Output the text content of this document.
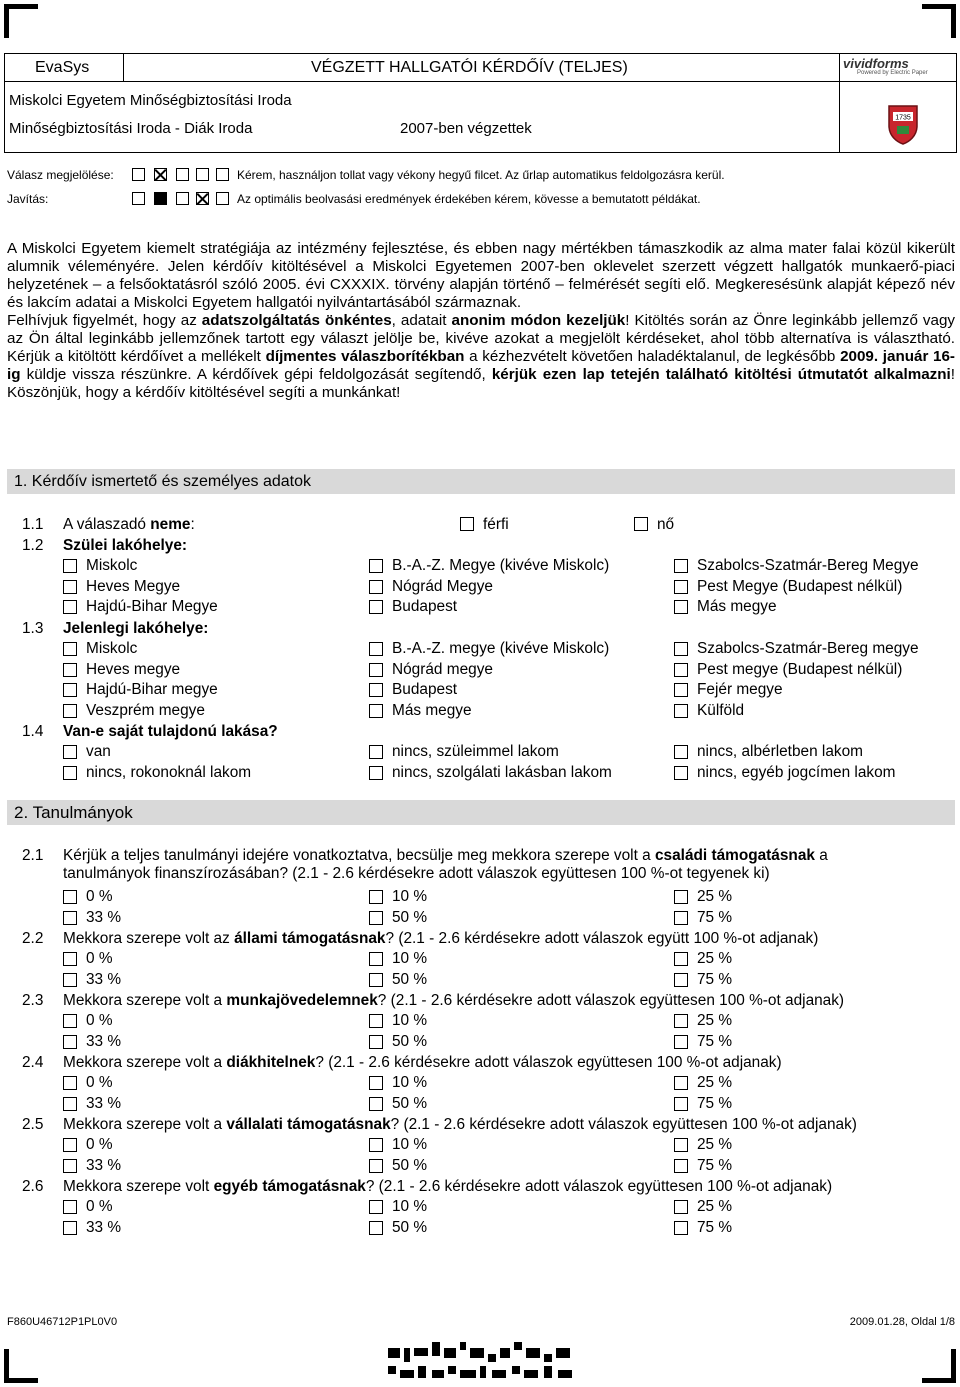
EvaSys	VÉGZETT HALLGATÓI KÉRDŐÍV (TELJES)	vividforms
Powered by Electric Paper
Miskolci Egyetem Minőségbiztosítási Iroda
Minőségbiztosítási Iroda - Diák Iroda	2007-ben végzettek
1735
Válasz megjelölése:	Kérem, használjon tollat vagy vékony hegyű filcet. Az űrlap automatikus feldolgozásra kerül.
Javítás:	Az optimális beolvasási eredmények érdekében kérem, kövesse a bemutatott példákat.
A Miskolci Egyetem kiemelt stratégiája az intézmény fejlesztése, és ebben nagy mértékben támaszkodik az alma mater falai közül kikerült alumnik véleményére. Jelen kérdőív kitöltésével a Miskolci Egyetemen 2007-ben oklevelet szerzett végzett hallgatók munkaerő-piaci helyzetének – a felsőoktatásról szóló 2005. évi CXXXIX. törvény alapján történő – felmérését segíti elő. Megkeresésünk alapját képező név és lakcím adatai a Miskolci Egyetem hallgatói nyilvántartásából származnak.
Felhívjuk figyelmét, hogy az adatszolgáltatás önkéntes, adatait anonim módon kezeljük! Kitöltés során az Önre leginkább jellemző vagy az Ön által leginkább jellemzőnek tartott egy választ jelölje be, kivéve azokat a megjelölt kérdéseket, ahol több alternatíva is választható. Kérjük a kitöltött kérdőívet a mellékelt díjmentes válaszborítékban a kézhezvételt követően haladéktalanul, de legkésőbb 2009. január 16-ig küldje vissza részünkre. A kérdőívek gépi feldolgozását segítendő, kérjük ezen lap tetején található kitöltési útmutatót alkalmazni! Köszönjük, hogy a kérdőív kitöltésével segíti a munkánkat!
1. Kérdőív ismertető és személyes adatok
1.1 A válaszadó neme:	férfi	nő
1.2 Szülei lakóhelye:
Miskolc	B.-A.-Z. Megye (kivéve Miskolc)	Szabolcs-Szatmár-Bereg Megye
Heves Megye	Nógrád Megye	Pest Megye (Budapest nélkül)
Hajdú-Bihar Megye	Budapest	Más megye
1.3 Jelenlegi lakóhelye:
Miskolc	B.-A.-Z. megye (kivéve Miskolc)	Szabolcs-Szatmár-Bereg megye
Heves megye	Nógrád megye	Pest megye (Budapest nélkül)
Hajdú-Bihar megye	Budapest	Fejér megye
Veszprém megye	Más megye	Külföld
1.4 Van-e saját tulajdonú lakása?
van	nincs, szüleimmel lakom	nincs, albérletben lakom
nincs, rokonoknál lakom	nincs, szolgálati lakásban lakom	nincs, egyéb jogcímen lakom
2. Tanulmányok
2.1 Kérjük a teljes tanulmányi idejére vonatkoztatva, becsülje meg mekkora szerepe volt a családi támogatásnak a
tanulmányok finanszírozásában? (2.1 - 2.6 kérdésekre adott válaszok együttesen 100 %-ot tegyenek ki)
0 %	10 %	25 %
33 %	50 %	75 %
2.2 Mekkora szerepe volt az állami támogatásnak? (2.1 - 2.6 kérdésekre adott válaszok együtt 100 %-ot adjanak)
0 %	10 %	25 %
33 %	50 %	75 %
2.3 Mekkora szerepe volt a munkajövedelemnek? (2.1 - 2.6 kérdésekre adott válaszok együttesen 100 %-ot adjanak)
0 %	10 %	25 %
33 %	50 %	75 %
2.4 Mekkora szerepe volt a diákhitelnek? (2.1 - 2.6 kérdésekre adott válaszok együttesen 100 %-ot adjanak)
0 %	10 %	25 %
33 %	50 %	75 %
2.5 Mekkora szerepe volt a vállalati támogatásnak? (2.1 - 2.6 kérdésekre adott válaszok együttesen 100 %-ot adjanak)
0 %	10 %	25 %
33 %	50 %	75 %
2.6 Mekkora szerepe volt egyéb támogatásnak? (2.1 - 2.6 kérdésekre adott válaszok együttesen 100 %-ot adjanak)
0 %	10 %	25 %
33 %	50 %	75 %
F860U46712P1PL0V0	2009.01.28, Oldal 1/8
